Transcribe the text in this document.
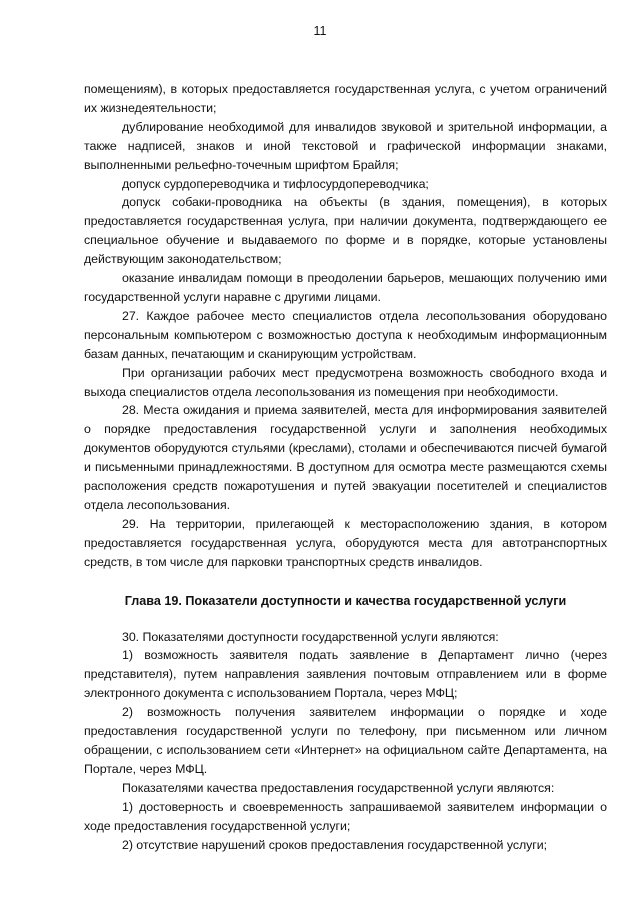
11

помещениям), в которых предоставляется государственная услуга, с учетом ограничений их жизнедеятельности;

дублирование необходимой для инвалидов звуковой и зрительной информации, а также надписей, знаков и иной текстовой и графической информации знаками, выполненными рельефно-точечным шрифтом Брайля;

допуск сурдопереводчика и тифлосурдопереводчика;

допуск собаки-проводника на объекты (в здания, помещения), в которых предоставляется государственная услуга, при наличии документа, подтверждающего ее специальное обучение и выдаваемого по форме и в порядке, которые установлены действующим законодательством;

оказание инвалидам помощи в преодолении барьеров, мешающих получению ими государственной услуги наравне с другими лицами.

27. Каждое рабочее место специалистов отдела лесопользования оборудовано персональным компьютером с возможностью доступа к необходимым информационным базам данных, печатающим и сканирующим устройствам.

При организации рабочих мест предусмотрена возможность свободного входа и выхода специалистов отдела лесопользования из помещения при необходимости.

28. Места ожидания и приема заявителей, места для информирования заявителей о порядке предоставления государственной услуги и заполнения необходимых документов оборудуются стульями (креслами), столами и обеспечиваются писчей бумагой и письменными принадлежностями. В доступном для осмотра месте размещаются схемы расположения средств пожаротушения и путей эвакуации посетителей и специалистов отдела лесопользования.

29. На территории, прилегающей к месторасположению здания, в котором предоставляется государственная услуга, оборудуются места для автотранспортных средств, в том числе для парковки транспортных средств инвалидов.

Глава 19. Показатели доступности и качества государственной услуги

30. Показателями доступности государственной услуги являются:

1) возможность заявителя подать заявление в Департамент лично (через представителя), путем направления заявления почтовым отправлением или в форме электронного документа с использованием Портала, через МФЦ;

2) возможность получения заявителем информации о порядке и ходе предоставления государственной услуги по телефону, при письменном или личном обращении, с использованием сети «Интернет» на официальном сайте Департамента, на Портале, через МФЦ.

Показателями качества предоставления государственной услуги являются:

1) достоверность и своевременность запрашиваемой заявителем информации о ходе предоставления государственной услуги;

2) отсутствие нарушений сроков предоставления государственной услуги;
